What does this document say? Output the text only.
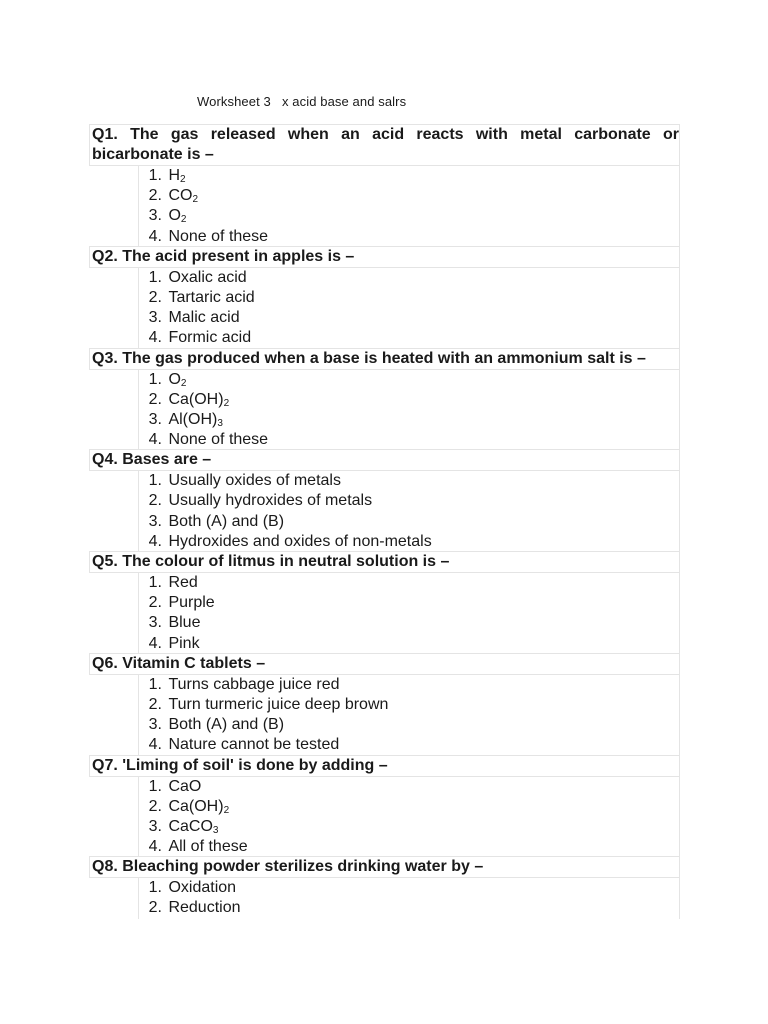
Worksheet 3   x acid base and salrs
Q1. The gas released when an acid reacts with metal carbonate or bicarbonate is –
1. $H_2$
2. $CO_2$
3. $O_2$
4. None of these
Q2. The acid present in apples is –
1. Oxalic acid
2. Tartaric acid
3. Malic acid
4. Formic acid
Q3. The gas produced when a base is heated with an ammonium salt is –
1. $O_2$
2. $Ca(OH)_2$
3. $Al(OH)_3$
4. None of these
Q4. Bases are –
1. Usually oxides of metals
2. Usually hydroxides of metals
3. Both (A) and (B)
4. Hydroxides and oxides of non-metals
Q5. The colour of litmus in neutral solution is –
1. Red
2. Purple
3. Blue
4. Pink
Q6. Vitamin C tablets –
1. Turns cabbage juice red
2. Turn turmeric juice deep brown
3. Both (A) and (B)
4. Nature cannot be tested
Q7. 'Liming of soil' is done by adding –
1. CaO
2. $Ca(OH)_2$
3. CaCO$_3$
4. All of these
Q8. Bleaching powder sterilizes drinking water by –
1. Oxidation
2. Reduction
